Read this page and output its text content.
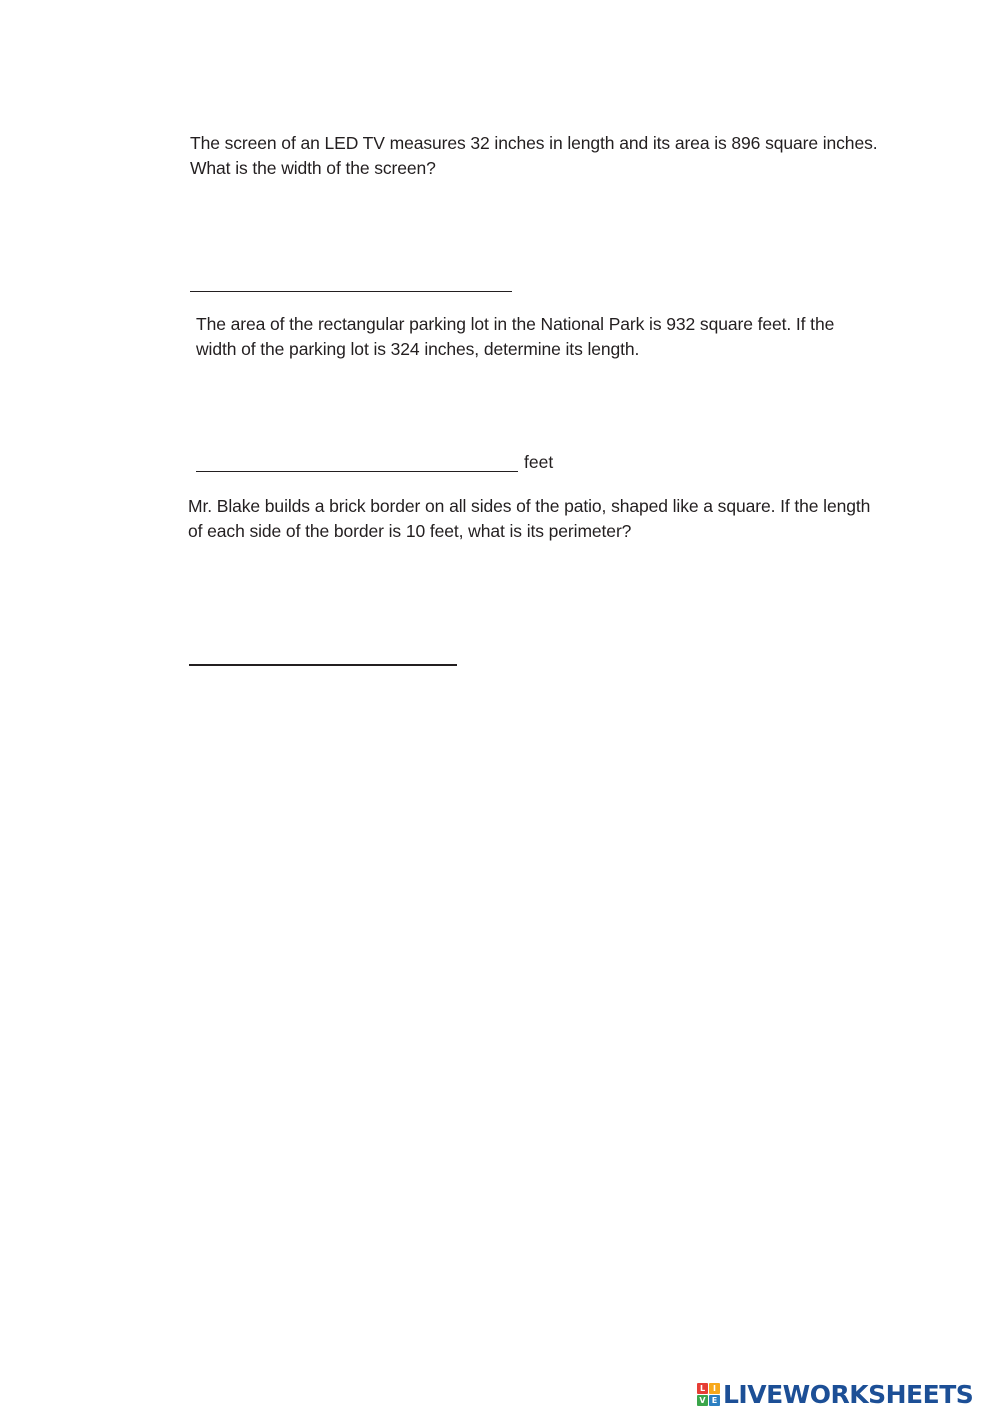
The screen of an LED TV measures 32 inches in length and its area is 896 square inches.
What is the width of the screen?

The area of the rectangular parking lot in the National Park is 932 square feet. If the
width of the parking lot is 324 inches, determine its length.

feet

Mr. Blake builds a brick border on all sides of the patio, shaped like a square. If the length
of each side of the border is 10 feet, what is its perimeter?

L I
V E LIVEWORKSHEETS
